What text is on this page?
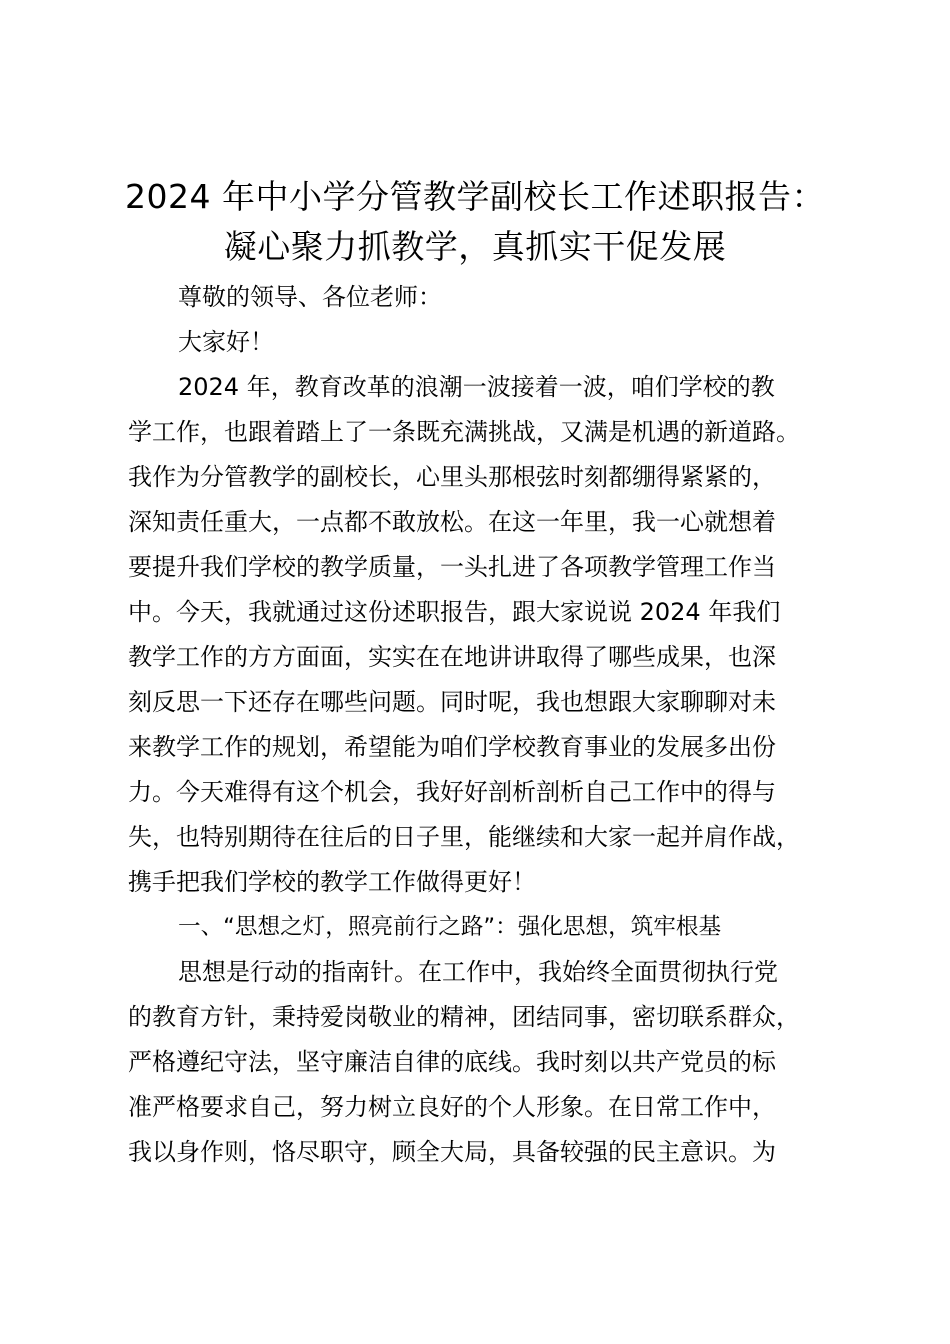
2024 年中小学分管教学副校长工作述职报告：
凝心聚力抓教学，真抓实干促发展

尊敬的领导、各位老师：

大家好！

2024 年，教育改革的浪潮一波接着一波，咱们学校的教

学工作，也跟着踏上了一条既充满挑战，又满是机遇的新道路。

我作为分管教学的副校长，心里头那根弦时刻都绷得紧紧的，

深知责任重大，一点都不敢放松。在这一年里，我一心就想着

要提升我们学校的教学质量，一头扎进了各项教学管理工作当

中。今天，我就通过这份述职报告，跟大家说说 2024 年我们

教学工作的方方面面，实实在在地讲讲取得了哪些成果，也深

刻反思一下还存在哪些问题。同时呢，我也想跟大家聊聊对未

来教学工作的规划，希望能为咱们学校教育事业的发展多出份

力。今天难得有这个机会，我好好剖析剖析自己工作中的得与

失，也特别期待在往后的日子里，能继续和大家一起并肩作战，

携手把我们学校的教学工作做得更好！

一、“思想之灯，照亮前行之路”：强化思想，筑牢根基

思想是行动的指南针。在工作中，我始终全面贯彻执行党

的教育方针，秉持爱岗敬业的精神，团结同事，密切联系群众，

严格遵纪守法，坚守廉洁自律的底线。我时刻以共产党员的标

准严格要求自己，努力树立良好的个人形象。在日常工作中，

我以身作则，恪尽职守，顾全大局，具备较强的民主意识。为
